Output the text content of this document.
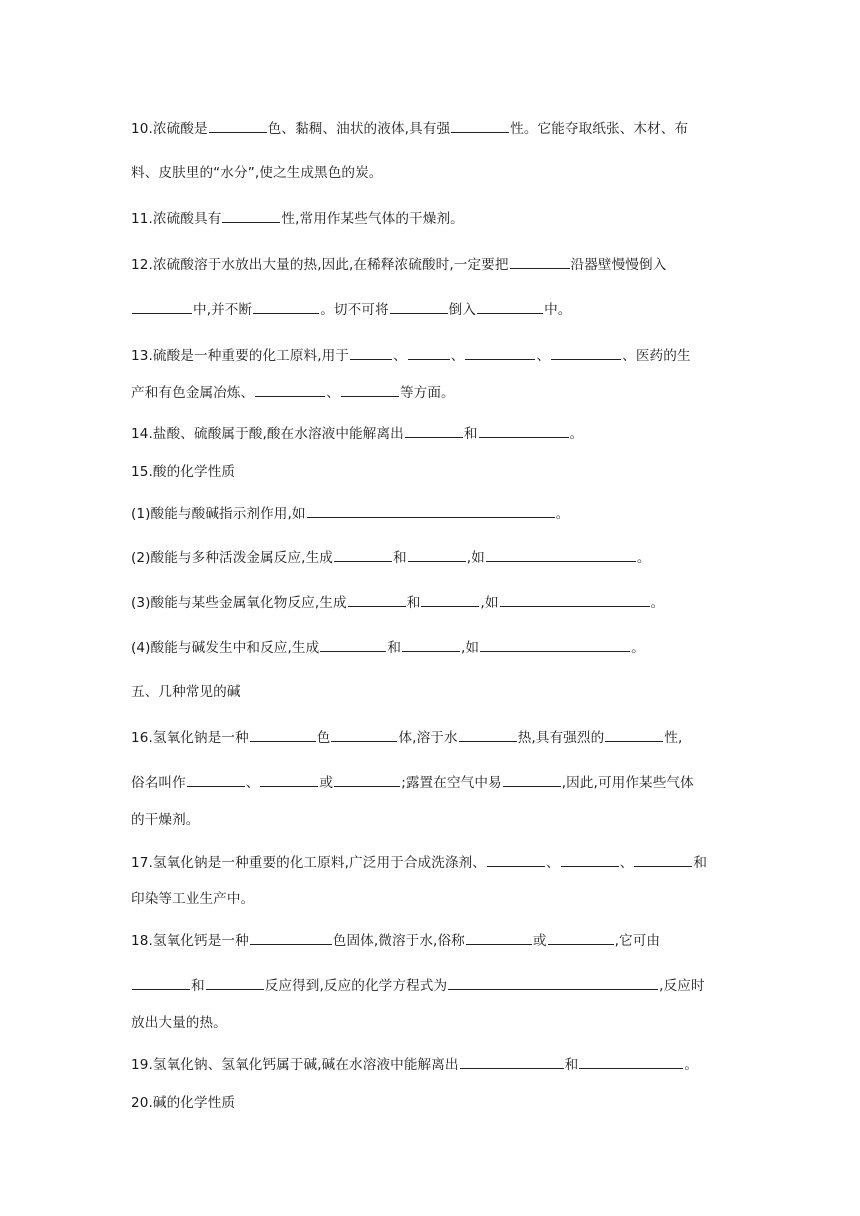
10.浓硫酸是	色、黏稠、油状的液体,具有强	性。它能夺取纸张、木材、布
料、皮肤里的“水分”,使之生成黑色的炭。
11.浓硫酸具有	性,常用作某些气体的干燥剂。
12.浓硫酸溶于水放出大量的热,因此,在稀释浓硫酸时,一定要把	沿器壁慢慢倒入
中,并不断	。切不可将	倒入	中。
13.硫酸是一种重要的化工原料,用于	、	、	、	、医药的生
产和有色金属冶炼、	、	等方面。
14.盐酸、硫酸属于酸,酸在水溶液中能解离出	和	。
15.酸的化学性质
(1)酸能与酸碱指示剂作用,如	。
(2)酸能与多种活泼金属反应,生成	和	,如	。
(3)酸能与某些金属氧化物反应,生成	和	,如	。
(4)酸能与碱发生中和反应,生成	和	,如	。
五、几种常见的碱
16.氢氧化钠是一种	色	体,溶于水	热,具有强烈的	性,
俗名叫作	、	或	;露置在空气中易	,因此,可用作某些气体
的干燥剂。
17.氢氧化钠是一种重要的化工原料,广泛用于合成洗涤剂、	、	、	和
印染等工业生产中。
18.氢氧化钙是一种	色固体,微溶于水,俗称	或	,它可由
和	反应得到,反应的化学方程式为	,反应时
放出大量的热。
19.氢氧化钠、氢氧化钙属于碱,碱在水溶液中能解离出	和	。
20.碱的化学性质
